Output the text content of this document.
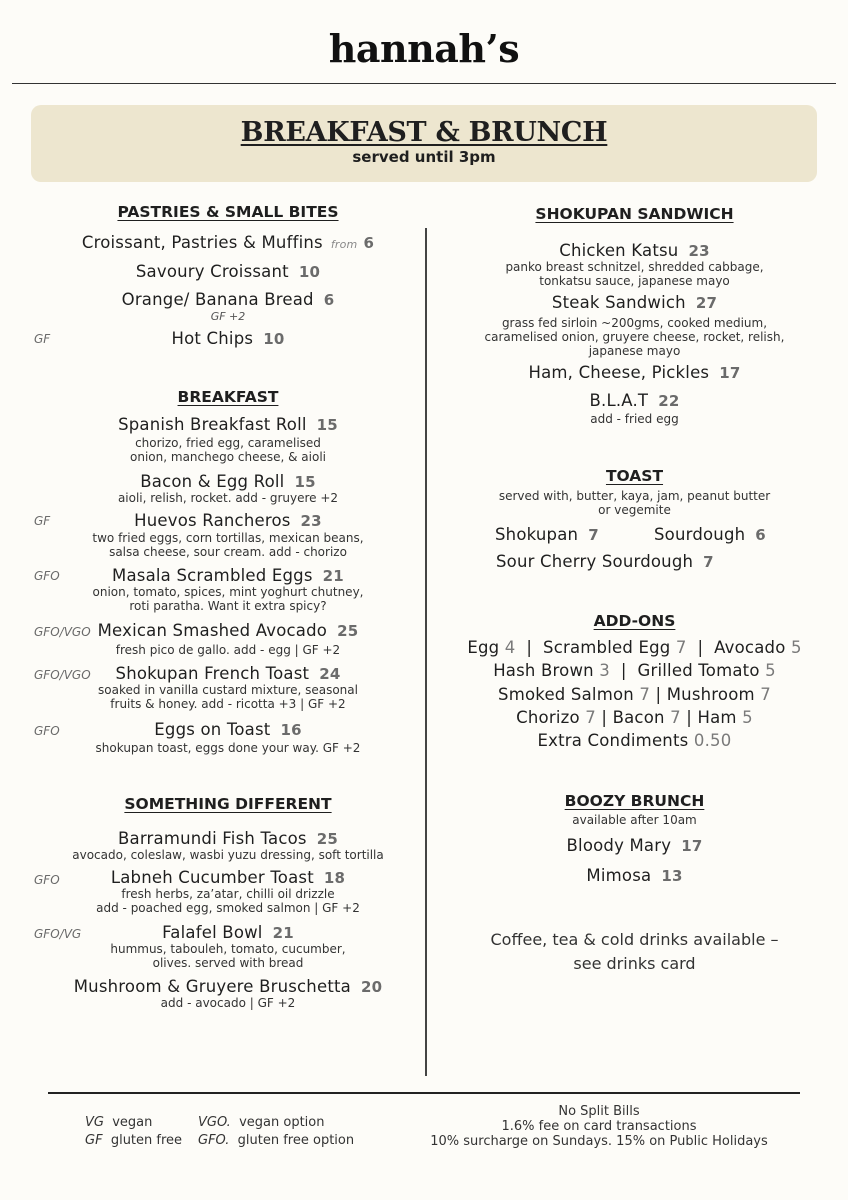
hannah’s
BREAKFAST & BRUNCH
served until 3pm
PASTRIES & SMALL BITES
Croissant, Pastries & Muffins from 6
Savoury Croissant 10
Orange/ Banana Bread 6
GF +2
GF	Hot Chips 10
BREAKFAST
Spanish Breakfast Roll 15
chorizo, fried egg, caramelised
onion, manchego cheese, & aioli
Bacon & Egg Roll 15
aioli, relish, rocket. add - gruyere +2
GF	Huevos Rancheros 23
two fried eggs, corn tortillas, mexican beans,
salsa cheese, sour cream. add - chorizo
GFO	Masala Scrambled Eggs 21
onion, tomato, spices, mint yoghurt chutney,
roti paratha. Want it extra spicy?
GFO/VGO Mexican Smashed Avocado 25
fresh pico de gallo. add - egg | GF +2
GFO/VGO	Shokupan French Toast 24
soaked in vanilla custard mixture, seasonal
fruits & honey. add - ricotta +3 | GF +2
GFO	Eggs on Toast 16
shokupan toast, eggs done your way. GF +2
SOMETHING DIFFERENT
Barramundi Fish Tacos 25
avocado, coleslaw, wasbi yuzu dressing, soft tortilla
GFO	Labneh Cucumber Toast 18
fresh herbs, za’atar, chilli oil drizzle
add - poached egg, smoked salmon | GF +2
GFO/VG	Falafel Bowl 21
hummus, tabouleh, tomato, cucumber,
olives. served with bread
Mushroom & Gruyere Bruschetta 20
add - avocado | GF +2
SHOKUPAN SANDWICH
Chicken Katsu 23
panko breast schnitzel, shredded cabbage,
tonkatsu sauce, japanese mayo
Steak Sandwich 27
grass fed sirloin ~200gms, cooked medium,
caramelised onion, gruyere cheese, rocket, relish,
japanese mayo
Ham, Cheese, Pickles 17
B.L.A.T 22
add - fried egg
TOAST
served with, butter, kaya, jam, peanut butter
or vegemite
Shokupan 7	Sourdough 6
Sour Cherry Sourdough 7
ADD-ONS
Egg 4  |  Scrambled Egg 7  |  Avocado 5
Hash Brown 3  |  Grilled Tomato 5
Smoked Salmon 7 | Mushroom 7
Chorizo 7 | Bacon 7 | Ham 5
Extra Condiments 0.50
BOOZY BRUNCH
available after 10am
Bloody Mary 17
Mimosa 13
Coffee, tea & cold drinks available –
see drinks card
VG vegan
GF gluten free
VGO. vegan option
GFO. gluten free option
No Split Bills
1.6% fee on card transactions
10% surcharge on Sundays. 15% on Public Holidays
